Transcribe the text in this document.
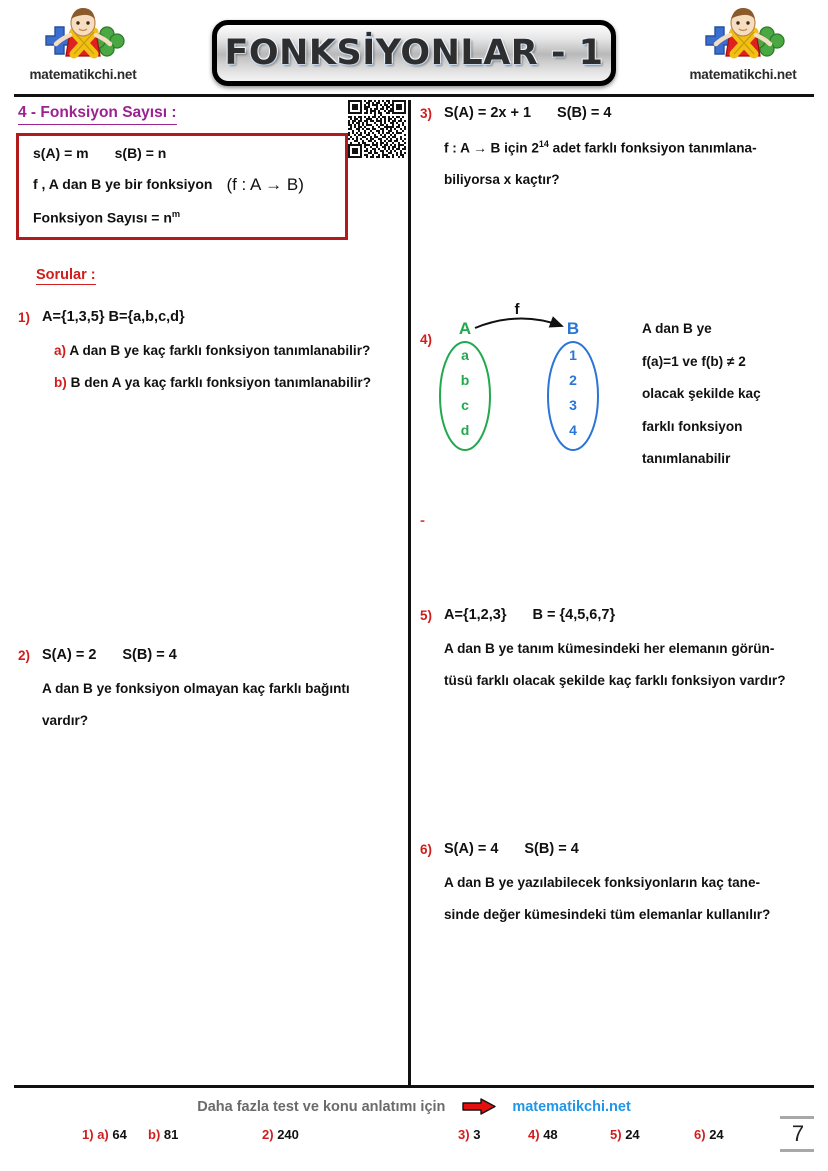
matematikchi.net
FONKSİYONLAR - 1
matematikchi.net
4 - Fonksiyon Sayısı :
s(A) = m s(B) = n
f , A dan B ye bir fonksiyon (f : A → B)
Fonksiyon Sayısı = $n^m$
Sorular :
1) A={1,3,5} B={a,b,c,d}
a) A dan B ye kaç farklı fonksiyon tanımlanabilir?
b) B den A ya kaç farklı fonksiyon tanımlanabilir?
2) S(A) = 2 S(B) = 4
A dan B ye fonksiyon olmayan kaç farklı bağıntı
vardır?
3) S(A) = 2x + 1 S(B) = 4
f : A → B için $2^{14}$ adet farklı fonksiyon tanımlana-
biliyorsa x kaçtır?
4)
-
f
A
a
b
c
d
B
1
2
3
4
A dan B ye
f(a)=1 ve f(b) ≠ 2
olacak şekilde kaç
farklı fonksiyon
tanımlanabilir
5) A={1,2,3} B = {4,5,6,7}
A dan B ye tanım kümesindeki her elemanın görün-
tüsü farklı olacak şekilde kaç farklı fonksiyon vardır?
6) S(A) = 4 S(B) = 4
A dan B ye yazılabilecek fonksiyonların kaç tane-
sinde değer kümesindeki tüm elemanlar kullanılır?
Daha fazla test ve konu anlatımı için	matematikchi.net
1) a) 64 b) 81	2) 240	3) 3	4) 48	5) 24	6) 24	7
